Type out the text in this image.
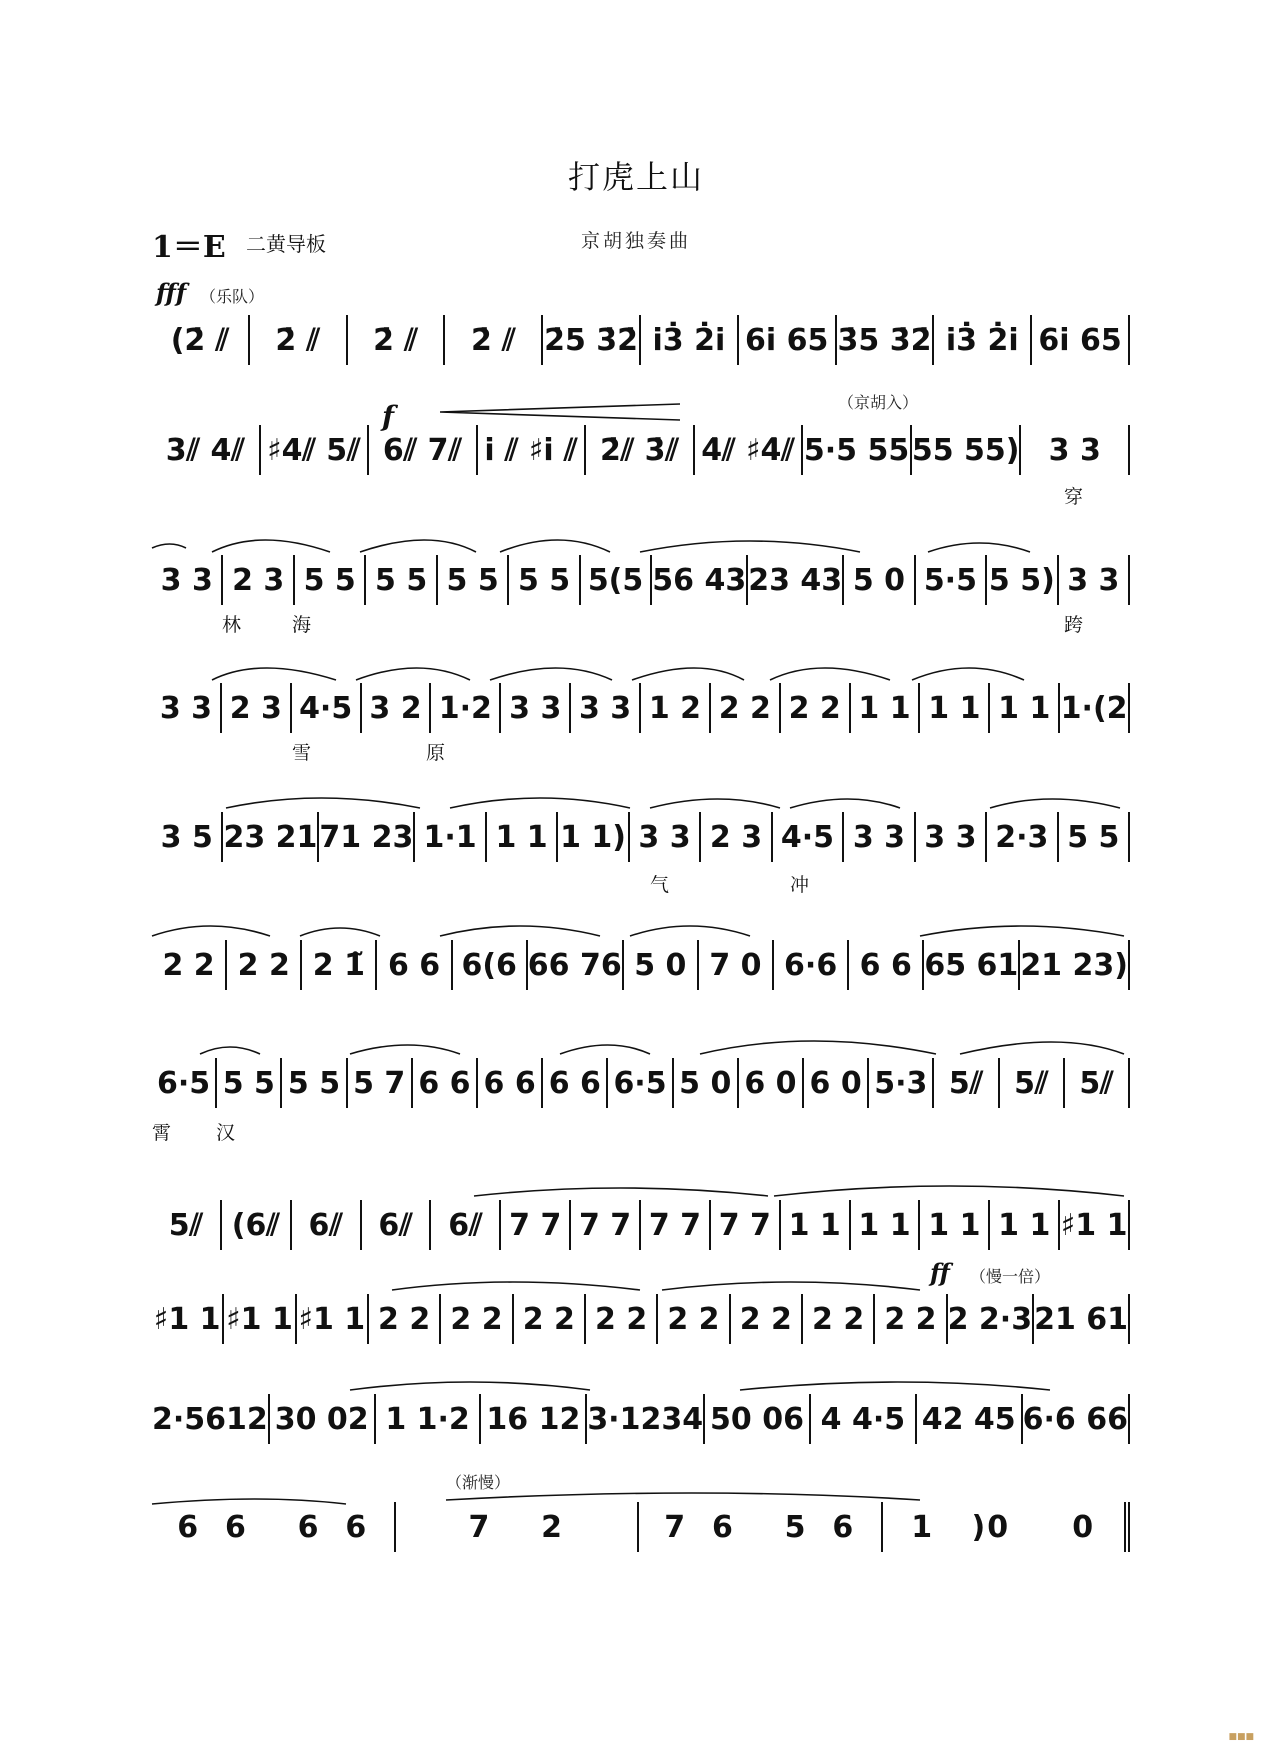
打虎上山
1＝E 二黄导板	京胡独奏曲
fff （乐队）
f	（京胡入）
ff （慢一倍）
（渐慢）
(2̇ ⫽	2̇ ⫽	2̇ ⫽	2̇ ⫽ 2̇5 3̇2̇ i3̇ 2̇i 6i 65 3̇5 3̇2̇ i3̇ 2̇i 6i 65
3⫽ 4⫽ ♯4⫽ 5⫽ 6⫽ 7⫽ i ⫽ ♯i ⫽ 2̇⫽ 3̇⫽ 4̇⫽ ♯4̇⫽ 5·5 55 55 55) 3 3
3 3 2 3 5 5 5 5 5 5 5 5 5(5 56 43 23 43 5 0 5·5 5 5) 3 3
3 3 2 3 4·5 3 2 1·2 3 3 3 3 1 2 2 2 2 2 1 1 1 1 1 1 1·(2
3 5 23 21 71 23 1·1 1 1 1 1) 3 3 2 3 4·5 3 3 3 3 2·3 5 5
2 2 2 2 2 1̃ 6 6 6(6 66 76 5 0 7 0 6·6 6 6 65 61 21 23)
6·5 5 5 5 5 5 7 6 6 6 6 6 6 6·5 5 0 6 0 6 0 5·3 5⫽	5⫽	5⫽
5⫽ (6⫽ 6⫽	6⫽	6⫽ 7 7 7 7 7 7 7 7 1 1 1 1 1 1 1 1 ♯1 1
♯1 1 ♯1 1 ♯1 1 2 2 2 2 2 2 2 2 2 2 2 2 2 2 2 2 2 2·3 21 61
2·5612 30 02 1 1·2 16 12 3·1234 50 06 4 4·5 42 45 6·6 66
6  6    6  6	7    2	7  6    5  6	1   )0     0
穿
林	海	跨
雪	原
气	冲
霄 汉
■■■
